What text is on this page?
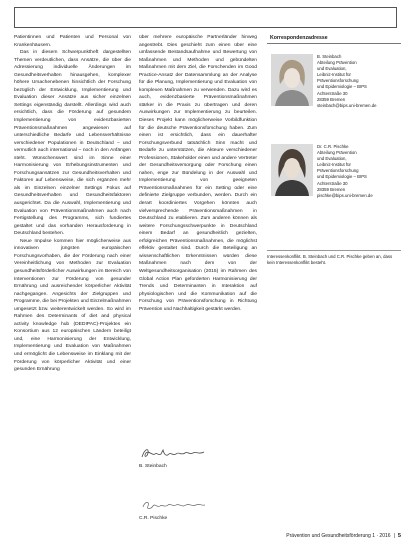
Patientinnen und Patienten und Personal von Krankenhäusern.

Das in diesem Schwerpunktheft dargestellten Themen verdeutlichen, dass Ansätze, die über die Adressierung individuelle Änderungen im Gesundheitsverhalten hinausgehen, komplexer höhere Ursachenebenen hinsichtlich der Forschung bezüglich der Entwicklung, Implementierung und Evaluation dieser Ansätze aus sicher einzelnen Settings eigenständig darstellt. Allerdings wird auch ersichtlich, dass die Förderung auf gesundem Implementierung von evidenzbasierten Präventionsmaßnahmen angewiesen auf unterschiedliche Bedarfe und Lebensverhältnisse verschiedener Populationen in Deutschland – und vermutlich auch international – noch in den Anfängen steht. Wünschenswert sind im Sinne einer Harmonisierung von Erhebungsinstrumenten und Forschungsansätzen zur Gesundheitsverhalten und Faktoren auf Lebensweise, die sich ergänzen mehr als im Einzelnen einzelner Settings Fokus auf Gesundheitsverhalten und Gesundheitsfaktoren ausgerichtet. Da die Auswahl, Implementierung und Evaluation von Präventionsmaßnahmen auch nach Fertigstellung des Programms, sich fundiertes gestaltet und das vorhanden Herausforderung in Deutschland bestehen.

Neue Impulse kommen hier möglicherweise aus innovativen jüngsten europäischen Forschungsvorhaben, die der Förderung nach einer Vereinheitlichung von Methoden zur Evaluation gesundheitsförderlicher Auswirkungen im Bereich von Interventionen zur Förderung von gesunder Ernährung und ausreichender körperlicher Aktivität nachgegangen. Angesichts der Zielgruppen und Programme, die bei Projekten und Einzelmaßnahmen umgesetzt bzw. weiterentwickelt werden. So wird im Rahmen des Determinants of diet and physical activity knowledge hub (DEDIPAC)-Projektes ein Konsortium aus 12 europäischen Ländern beteiligt und, eine Harmonisierung der Entwicklung, Implementierung und Evaluation von Maßnahmen und ermöglicht die Lebensweise im Einklang mit der Förderung von körperlicher Aktivität und einer gesunden Ernährung

über mehrere europäische Partnerländer hinweg angestrebt. Dies geschieht zum einen über eine umfassende Bestandsaufnahme und Bewertung von Maßnahmen und Methoden und gebündelten Maßnahmen mit dem Ziel, die Forschenden im Good Practice-Ansatz der Datensammlung an der Analyse für die Planung, Implementierung und Evaluation von komplexen Maßnahmen zu verwenden. Dazu wird es auch, evidenzbasierte Präventionsmaßnahmen stärker in die Praxis zu übertragen und deren Auswirkungen zur Implementierung zu beurteilen. Dieses Projekt kann möglicherweise Vorbildfunktion für die deutsche Präventionsforschung haben. Zum einen ist ersichtlich, dass ein dauerhafter Forschungsverbund tatsächlich Sinn macht und Bedarfe zu unterstützen, die Akteure verschiedener Professionen, Stakeholder einen und andere Vertreter der Gesundheitsversorgung oder Forschung einen nahen, enge zur Bündelung in der Auswahl und Implementierung von geeigneten Präventionsmaßnahmen für ein Setting oder eine definierte Zielgruppe verbunden, werden. Durch ein derart koordiniertes Vorgehen könnten auch vielversprechende Präventionsmaßnahmen in Deutschland zu etablieren. Zum anderen können als weitere Forschungsschwerpunkte in Deutschland einem Bedarf an gesundheitlich gezielten, erfolgreichen Präventionsmaßnahmen, die möglichst effektiv gestaltet sind. Durch die Beteiligung an wissenschaftlichen Erkenntnissen würden diese Maßnahmen nach dem von der Weltgesundheitsorganisation (2015) im Rahmen des Global Action Plan geforderten Harmonisierung der Trends und Determinanten in Interaktion auf physiologischen und die Kommunikation auf die Forschung von Präventionsforschung in Richtung Prävention und Nachhaltigkeit gestärkt werden.

B. Steinbach
C.R. Pischke
Korrespondenzadresse
B. Steinbach
Abteilung Prävention
und Evaluation,
Leibniz-Institut für
Präventionsforschung
und Epidemiologie – BIPS
Achterstraße 30
28359 Bremen
steinbach@bips.uni-bremen.de
Dr. C.R. Pischke
Abteilung Prävention
und Evaluation,
Leibniz-Institut für
Präventionsforschung
und Epidemiologie – BIPS
Achterstraße 30
28359 Bremen
pischke@bips.uni-bremen.de
Interessenkonflikt. B. Steinbach und C.R. Pischke geben an, dass kein Interessenkonflikt besteht.
Prävention und Gesundheitsförderung 1 · 2016 | 5
